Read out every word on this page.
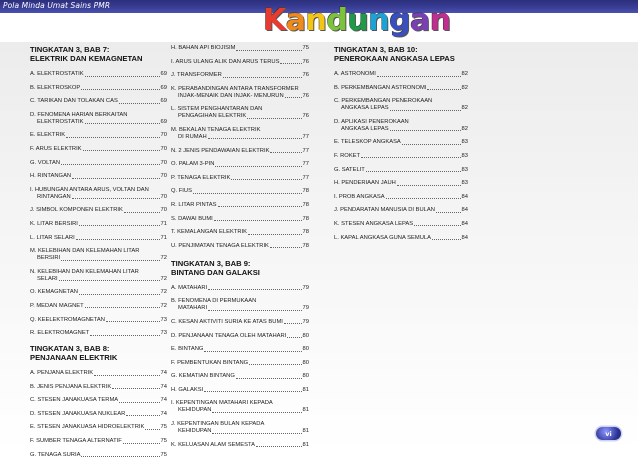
Pola Minda Umat Sains PMR	Kandungan
TINGKATAN 3, BAB 7:
ELEKTRIK DAN KEMAGNETAN
A. ELEKTROSTATIK	69
B. ELEKTROSKOP	69
C. TARIKAN DAN TOLAKAN CAS	69
D. FENOMENA HARIAN BERKAITAN
ELEKTROSTATIK	69
E. ELEKTRIK	70
F. ARUS ELEKTRIK	70
G. VOLTAN	70
H. RINTANGAN	70
I. HUBUNGAN ANTARA ARUS, VOLTAN DAN
RINTANGAN	70
J. SIMBOL KOMPONEN ELEKTRIK	70
K. LITAR BERSIRI	71
L. LITAR SELARI	71
M. KELEBIHAN DAN KELEMAHAN LITAR
BERSIRI	72
N. KELEBIHAN DAN KELEMAHAN LITAR
SELARI	72
O. KEMAGNETAN	72
P. MEDAN MAGNET	72
Q. KEELEKTROMAGNETAN	73
R. ELEKTROMAGNET	73
TINGKATAN 3, BAB 8:
PENJANAAN ELEKTRIK
A. PENJANA ELEKTRIK	74
B. JENIS PENJANA ELEKTRIK	74
C. STESEN JANAKUASA TERMA	74
D. STESEN JANAKUASA NUKLEAR	74
E. STESEN JANAKUASA HIDROELEKTRIK	75
F. SUMBER TENAGA ALTERNATIF	75
G. TENAGA SURIA	75
H. BAHAN API BIOJISIM	75
I. ARUS ULANG ALIK DAN ARUS TERUS	76
J. TRANSFORMER	76
K. PERABANDINGAN ANTARA TRANSFORMER
INJAK-MENAIK DAN INJAK- MENURUN	76
L. SISTEM PENGHANTARAN DAN
PENGAGIHAN ELEKTRIK	76
M. BEKALAN TENAGA ELEKTRIK
DI RUMAH	77
N. 2 JENIS PENDAWAIAN ELEKTRIK	77
O. PALAM 3-PIN	77
P. TENAGA ELEKTRIK	77
Q. FIUS	78
R. LITAR PINTAS	78
S. DAWAI BUMI	78
T. KEMALANGAN ELEKTRIK	78
U. PENJIMATAN TENAGA ELEKTRIK	78
TINGKATAN 3, BAB 9:
BINTANG DAN GALAKSI
A. MATAHARI	79
B. FENOMENA DI PERMUKAAN
MATAHARI	79
C. KESAN AKTIVITI SURIA KE ATAS BUMI	79
D. PENJANAAN TENAGA OLEH MATAHARI	80
E. BINTANG	80
F. PEMBENTUKAN BINTANG	80
G. KEMATIAN BINTANG	80
H. GALAKSI	81
I. KEPENTINGAN MATAHARI KEPADA
KEHIDUPAN	81
J. KEPENTINGAN BULAN KEPADA
KEHIDUPAN	81
K. KELUASAN ALAM SEMESTA	81
TINGKATAN 3, BAB 10:
PENEROKAAN ANGKASA LEPAS
A. ASTRONOMI	82
B. PERKEMBANGAN ASTRONOMI	82
C. PERKEMBANGAN PENEROKAAN
ANGKASA LEPAS	82
D. APLIKASI PENEROKAAN
ANGKASA LEPAS	82
E. TELESKOP ANGKASA	83
F. ROKET	83
G. SATELIT	83
H. PENDERIAAN JAUH	83
I. PROB ANGKASA	84
J. PENDARATAN MANUSIA DI BULAN	84
K. STESEN ANGKASA LEPAS	84
L. KAPAL ANGKASA GUNA SEMULA	84
vi
